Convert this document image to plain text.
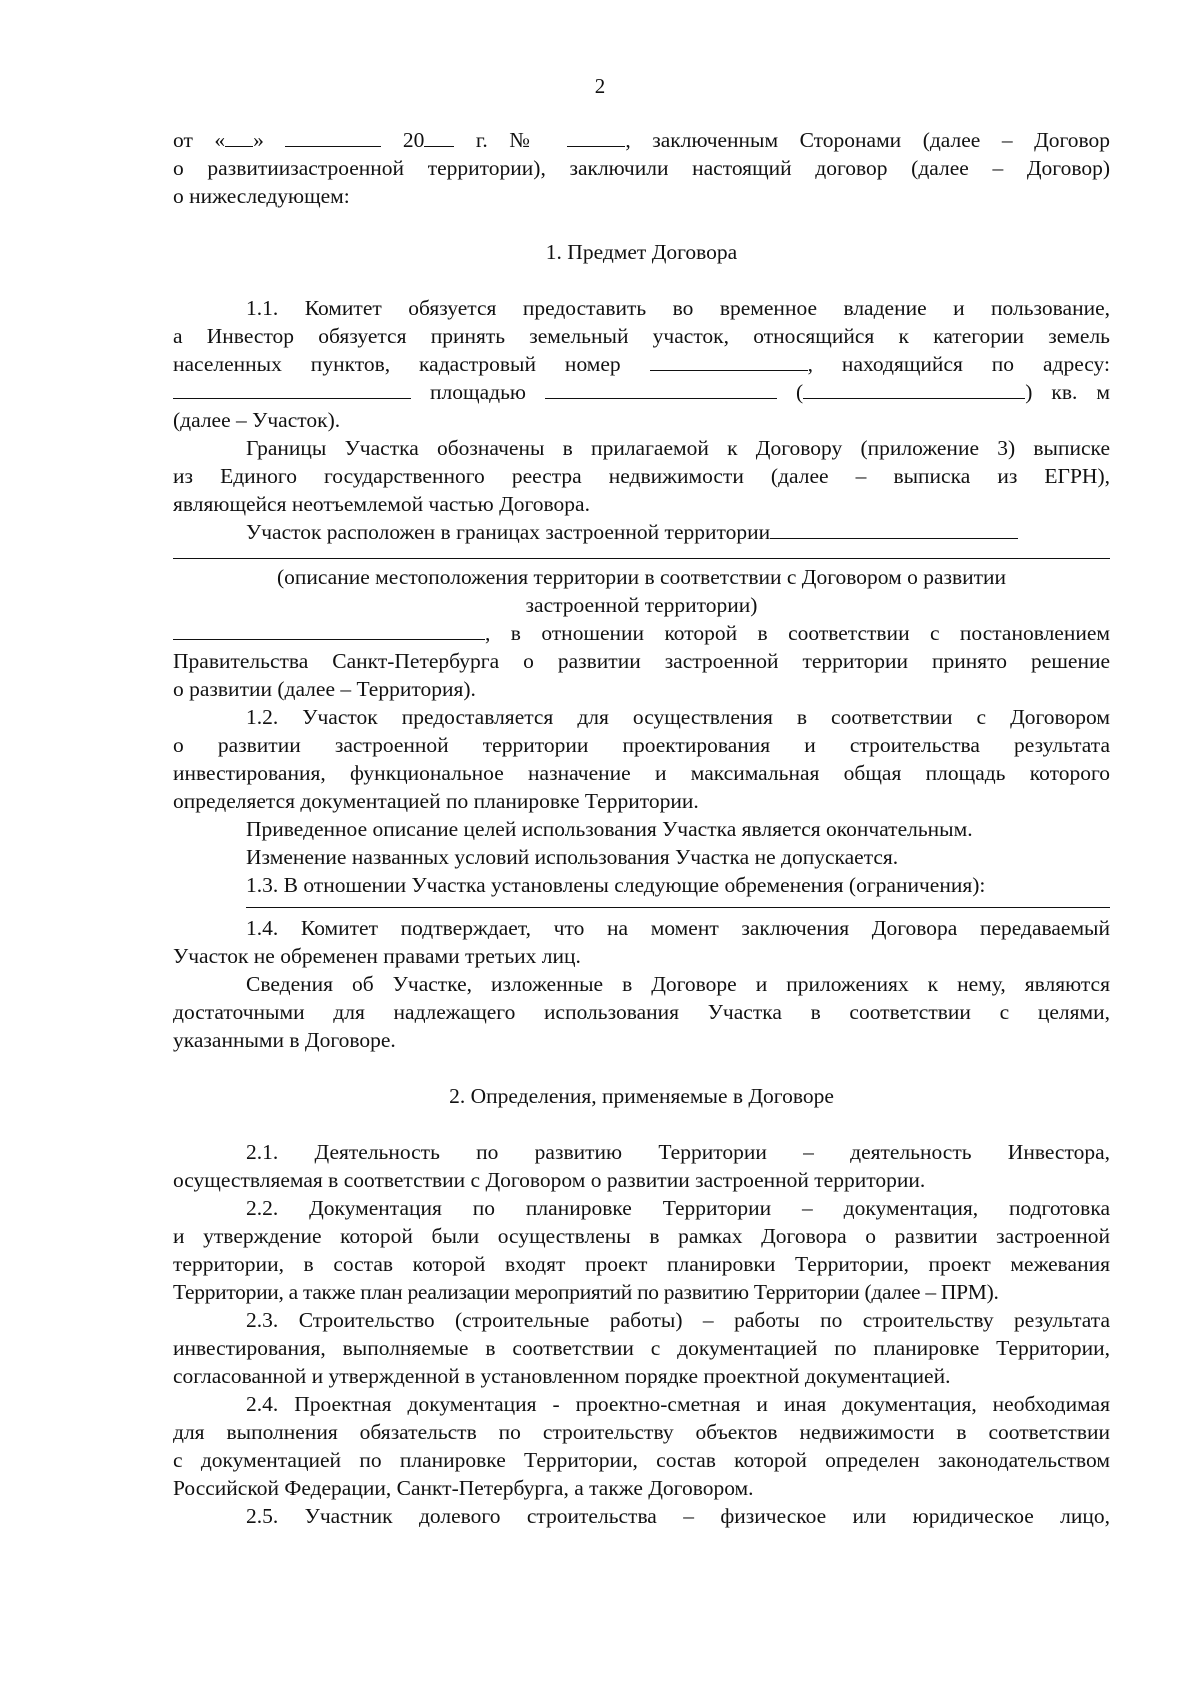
2

от « »	20 г. №	, заключенным Сторонами (далее – Договор

о развитиизастроенной территории), заключили настоящий договор (далее – Договор)

о нижеследующем:

1. Предмет Договора

1.1. Комитет обязуется предоставить во временное владение и пользование,

а Инвестор обязуется принять земельный участок, относящийся к категории земель

населенных пунктов, кадастровый номер	, находящийся по адресу:

площадью	(	) кв. м

(далее – Участок).

Границы Участка обозначены в прилагаемой к Договору (приложение 3) выписке

из Единого государственного реестра недвижимости (далее – выписка из ЕГРН),

являющейся неотъемлемой частью Договора.

Участок расположен в границах застроенной территории

(описание местоположения территории в соответствии с Договором о развитии

застроенной территории)

, в отношении которой в соответствии с постановлением

Правительства Санкт-Петербурга о развитии застроенной территории принято решение

о развитии (далее – Территория).

1.2. Участок предоставляется для осуществления в соответствии с Договором

о развитии застроенной территории проектирования и строительства результата

инвестирования, функциональное назначение и максимальная общая площадь которого

определяется документацией по планировке Территории.

Приведенное описание целей использования Участка является окончательным.

Изменение названных условий использования Участка не допускается.

1.3. В отношении Участка установлены следующие обременения (ограничения):

1.4. Комитет подтверждает, что на момент заключения Договора передаваемый

Участок не обременен правами третьих лиц.

Сведения об Участке, изложенные в Договоре и приложениях к нему, являются

достаточными для надлежащего использования Участка в соответствии с целями,

указанными в Договоре.

2. Определения, применяемые в Договоре

2.1. Деятельность по развитию Территории – деятельность Инвестора,

осуществляемая в соответствии с Договором о развитии застроенной территории.

2.2. Документация по планировке Территории – документация, подготовка

и утверждение которой были осуществлены в рамках Договора о развитии застроенной

территории, в состав которой входят проект планировки Территории, проект межевания

Территории, а также план реализации мероприятий по развитию Территории (далее – ПРМ).

2.3. Строительство (строительные работы) – работы по строительству результата

инвестирования, выполняемые в соответствии с документацией по планировке Территории,

согласованной и утвержденной в установленном порядке проектной документацией.

2.4. Проектная документация - проектно-сметная и иная документация, необходимая

для выполнения обязательств по строительству объектов недвижимости в соответствии

с документацией по планировке Территории, состав которой определен законодательством

Российской Федерации, Санкт-Петербурга, а также Договором.

2.5. Участник долевого строительства – физическое или юридическое лицо,
